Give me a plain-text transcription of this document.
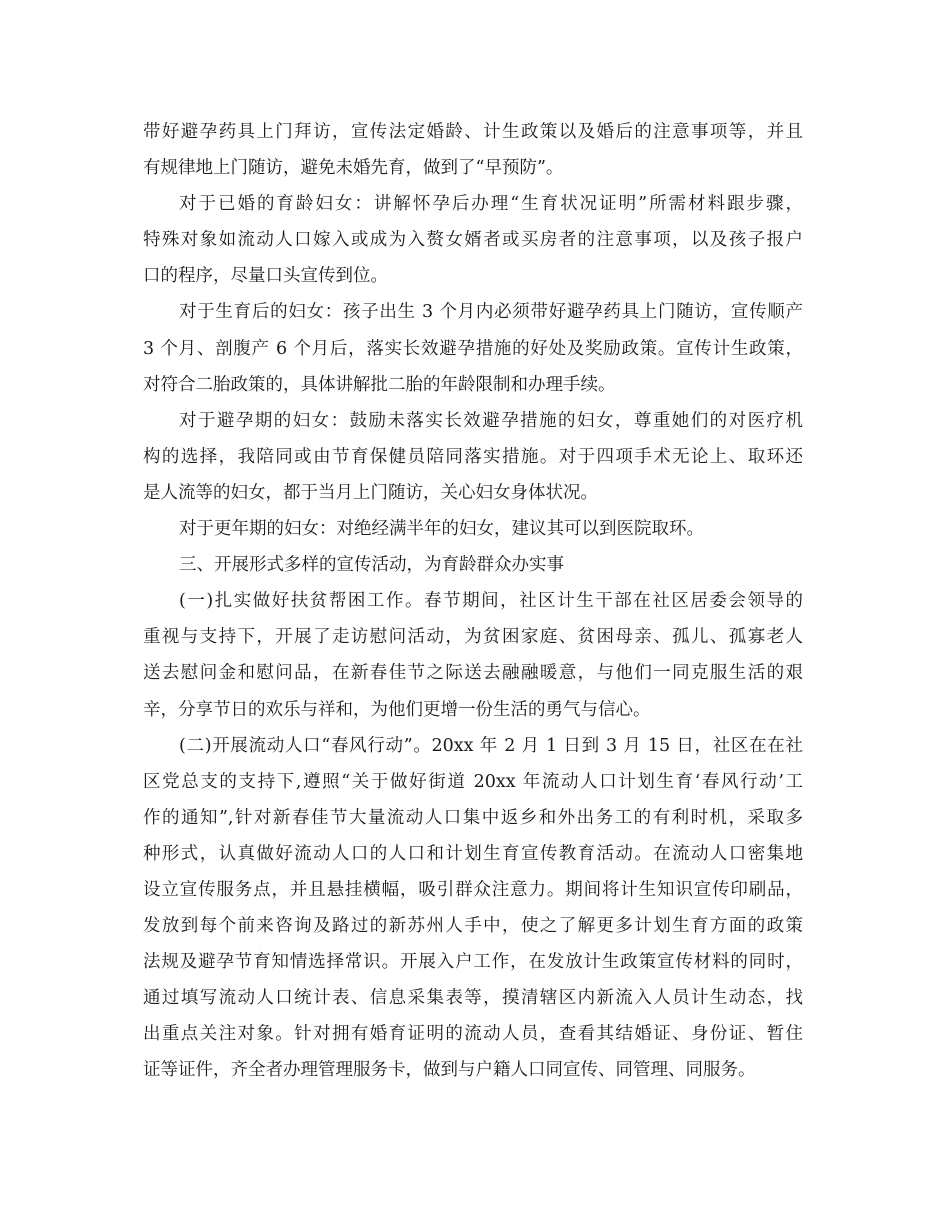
带好避孕药具上门拜访，宣传法定婚龄、计生政策以及婚后的注意事项等，并且
有规律地上门随访，避免未婚先育，做到了“早预防”。
对于已婚的育龄妇女：讲解怀孕后办理“生育状况证明”所需材料跟步骤，
特殊对象如流动人口嫁入或成为入赘女婿者或买房者的注意事项，以及孩子报户
口的程序，尽量口头宣传到位。
对于生育后的妇女：孩子出生 3 个月内必须带好避孕药具上门随访，宣传顺产
3 个月、剖腹产 6 个月后，落实长效避孕措施的好处及奖励政策。宣传计生政策，
对符合二胎政策的，具体讲解批二胎的年龄限制和办理手续。
对于避孕期的妇女：鼓励未落实长效避孕措施的妇女，尊重她们的对医疗机
构的选择，我陪同或由节育保健员陪同落实措施。对于四项手术无论上、取环还
是人流等的妇女，都于当月上门随访，关心妇女身体状况。
对于更年期的妇女：对绝经满半年的妇女，建议其可以到医院取环。
三、开展形式多样的宣传活动，为育龄群众办实事
(一)扎实做好扶贫帮困工作。春节期间，社区计生干部在社区居委会领导的
重视与支持下，开展了走访慰问活动，为贫困家庭、贫困母亲、孤儿、孤寡老人
送去慰问金和慰问品，在新春佳节之际送去融融暖意，与他们一同克服生活的艰
辛，分享节日的欢乐与祥和，为他们更增一份生活的勇气与信心。
(二)开展流动人口“春风行动”。20xx 年 2 月 1 日到 3 月 15 日，社区在在社
区党总支的支持下,遵照“关于做好街道 20xx 年流动人口计划生育‘春风行动’工
作的通知”,针对新春佳节大量流动人口集中返乡和外出务工的有利时机，采取多
种形式，认真做好流动人口的人口和计划生育宣传教育活动。在流动人口密集地
设立宣传服务点，并且悬挂横幅，吸引群众注意力。期间将计生知识宣传印刷品，
发放到每个前来咨询及路过的新苏州人手中，使之了解更多计划生育方面的政策
法规及避孕节育知情选择常识。开展入户工作，在发放计生政策宣传材料的同时，
通过填写流动人口统计表、信息采集表等，摸清辖区内新流入人员计生动态，找
出重点关注对象。针对拥有婚育证明的流动人员，查看其结婚证、身份证、暂住
证等证件，齐全者办理管理服务卡，做到与户籍人口同宣传、同管理、同服务。
